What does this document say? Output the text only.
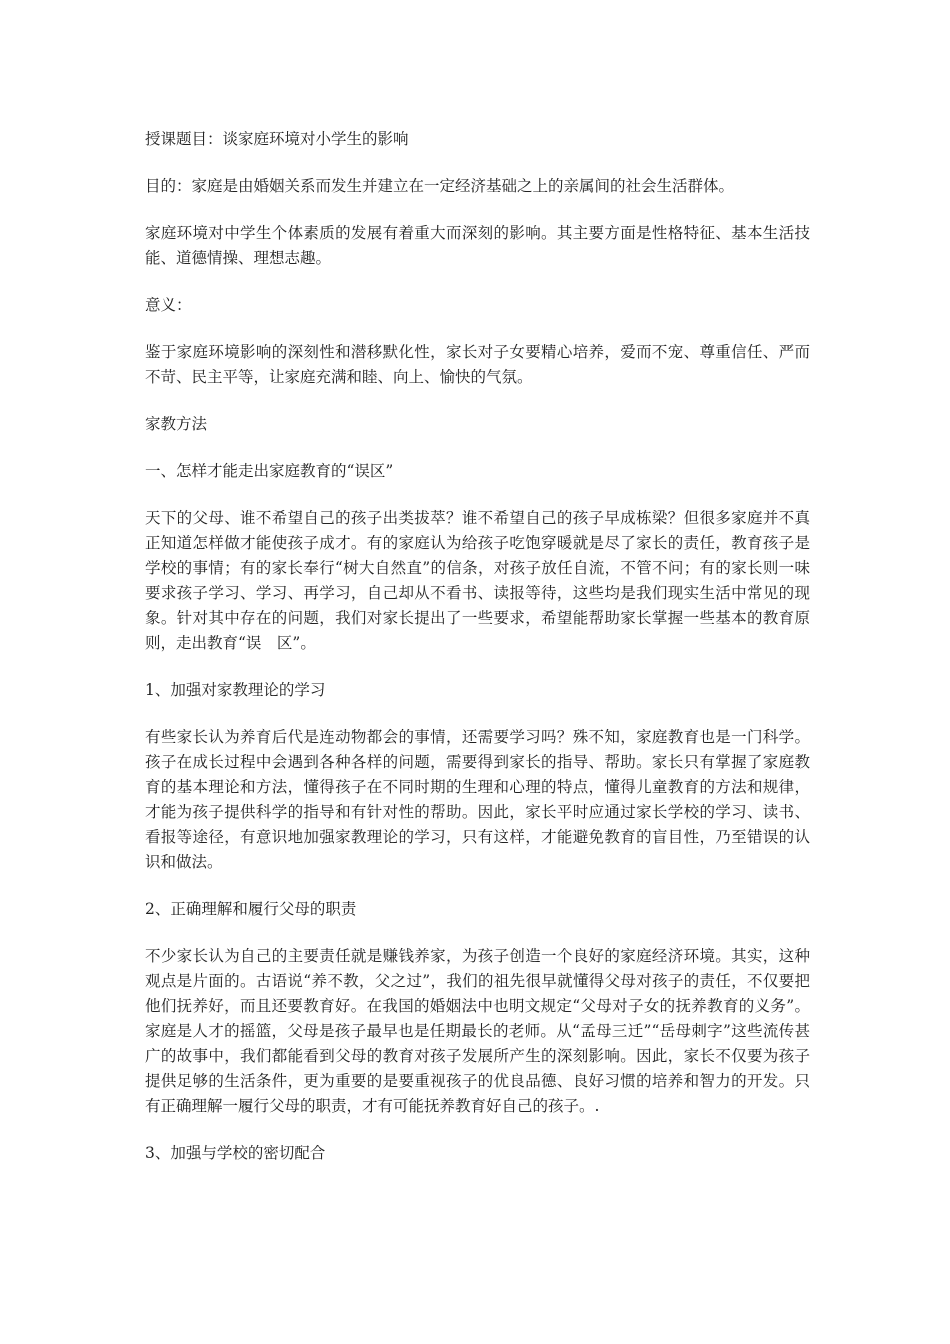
授课题目：谈家庭环境对小学生的影响

目的：家庭是由婚姻关系而发生并建立在一定经济基础之上的亲属间的社会生活群体。

家庭环境对中学生个体素质的发展有着重大而深刻的影响。其主要方面是性格特征、基本生活技能、道德情操、理想志趣。

意义：

鉴于家庭环境影响的深刻性和潜移默化性，家长对子女要精心培养，爱而不宠、尊重信任、严而不苛、民主平等，让家庭充满和睦、向上、愉快的气氛。

家教方法

一、怎样才能走出家庭教育的“误区”

天下的父母、谁不希望自己的孩子出类拔萃？谁不希望自己的孩子早成栋梁？但很多家庭并不真正知道怎样做才能使孩子成才。有的家庭认为给孩子吃饱穿暖就是尽了家长的责任，教育孩子是学校的事情；有的家长奉行“树大自然直”的信条，对孩子放任自流，不管不问；有的家长则一味要求孩子学习、学习、再学习，自己却从不看书、读报等待，这些均是我们现实生活中常见的现象。针对其中存在的问题，我们对家长提出了一些要求，希望能帮助家长掌握一些基本的教育原则，走出教育“误　区”。

1、加强对家教理论的学习

有些家长认为养育后代是连动物都会的事情，还需要学习吗？殊不知，家庭教育也是一门科学。孩子在成长过程中会遇到各种各样的问题，需要得到家长的指导、帮助。家长只有掌握了家庭教育的基本理论和方法，懂得孩子在不同时期的生理和心理的特点，懂得儿童教育的方法和规律，才能为孩子提供科学的指导和有针对性的帮助。因此，家长平时应通过家长学校的学习、读书、看报等途径，有意识地加强家教理论的学习，只有这样，才能避免教育的盲目性，乃至错误的认识和做法。

2、正确理解和履行父母的职责

不少家长认为自己的主要责任就是赚钱养家，为孩子创造一个良好的家庭经济环境。其实，这种观点是片面的。古语说“养不教，父之过”，我们的祖先很早就懂得父母对孩子的责任，不仅要把他们抚养好，而且还要教育好。在我国的婚姻法中也明文规定“父母对子女的抚养教育的义务”。家庭是人才的摇篮，父母是孩子最早也是任期最长的老师。从“孟母三迁”“岳母刺字”这些流传甚广的故事中，我们都能看到父母的教育对孩子发展所产生的深刻影响。因此，家长不仅要为孩子提供足够的生活条件，更为重要的是要重视孩子的优良品德、良好习惯的培养和智力的开发。只有正确理解一履行父母的职责，才有可能抚养教育好自己的孩子。.

3、加强与学校的密切配合
